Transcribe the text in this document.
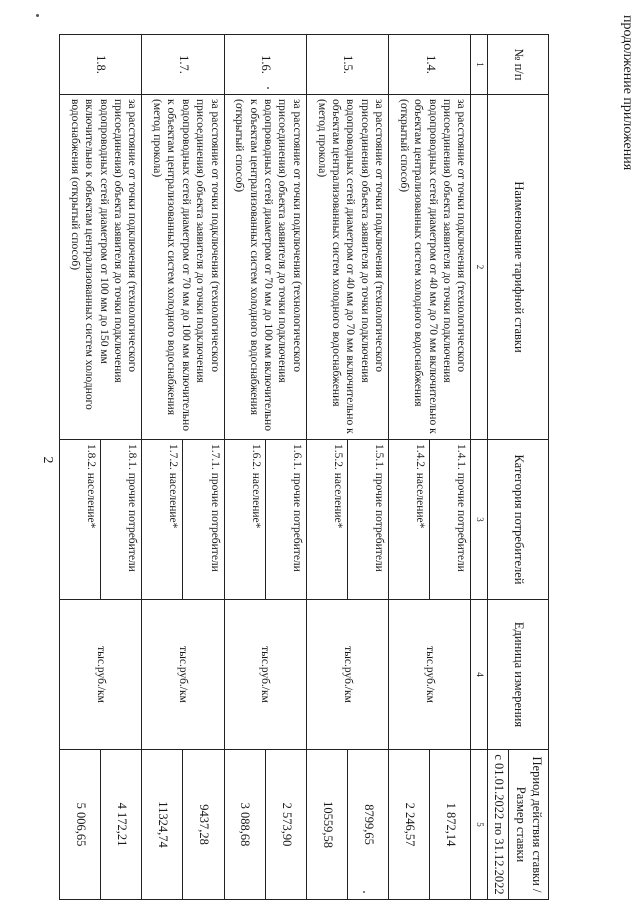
2
продолжение приложения
№ п/п	Наименование тарифной ставки	Категория потребителей	Единица измерения	Период действия ставки /Размер ставки
				с 01.01.2022 по 31.12.2022
1	2	3	4	5
1.4.	за расстояние от точки подключения (технологического присоединения) объекта заявителя до точки подключения водопроводных сетей диаметром от 40 мм до 70 мм включительно к объектам централизованных систем холодного водоснабжения (открытый способ)	1.4.1. прочие потребители	тыс.руб./км	1 872,14
		1.4.2. население*		2 246,57
1.5.	за расстояние от точки подключения (технологического присоединения) объекта заявителя до точки подключения водопроводных сетей диаметром от 40 мм до 70 мм включительно к объектам централизованных систем холодного водоснабжения (метод прокола)	1.5.1. прочие потребители	тыс.руб./км	8799,65
		1.5.2. население*		10559,58
1.6.	за расстояние от точки подключения (технологического присоединения) объекта заявителя до точки подключения водопроводных сетей диаметром от 70 мм до 100 мм включительно к объектам централизованных систем холодного водоснабжения (открытый способ)	1.6.1. прочие потребители	тыс.руб./км	2 573,90
		1.6.2. население*		3 088,68
1.7.	за расстояние от точки подключения (технологического присоединения) объекта заявителя до точки подключения водопроводных сетей диаметром от 70 мм до 100 мм включительно к объектам централизованных систем холодного водоснабжения (метод прокола)	1.7.1. прочие потребители	тыс.руб./км	9437,28
		1.7.2. население*		11324,74
1.8.	за расстояние от точки подключения (технологического присоединения) объекта заявителя до точки подключения водопроводных сетей диаметром от 100 мм до 150 мм включительно к объектам централизованных систем холодного водоснабжения (открытый способ)	1.8.1. прочие потребители	тыс.руб./км	4 172,21
		1.8.2. население*		5 006,65
